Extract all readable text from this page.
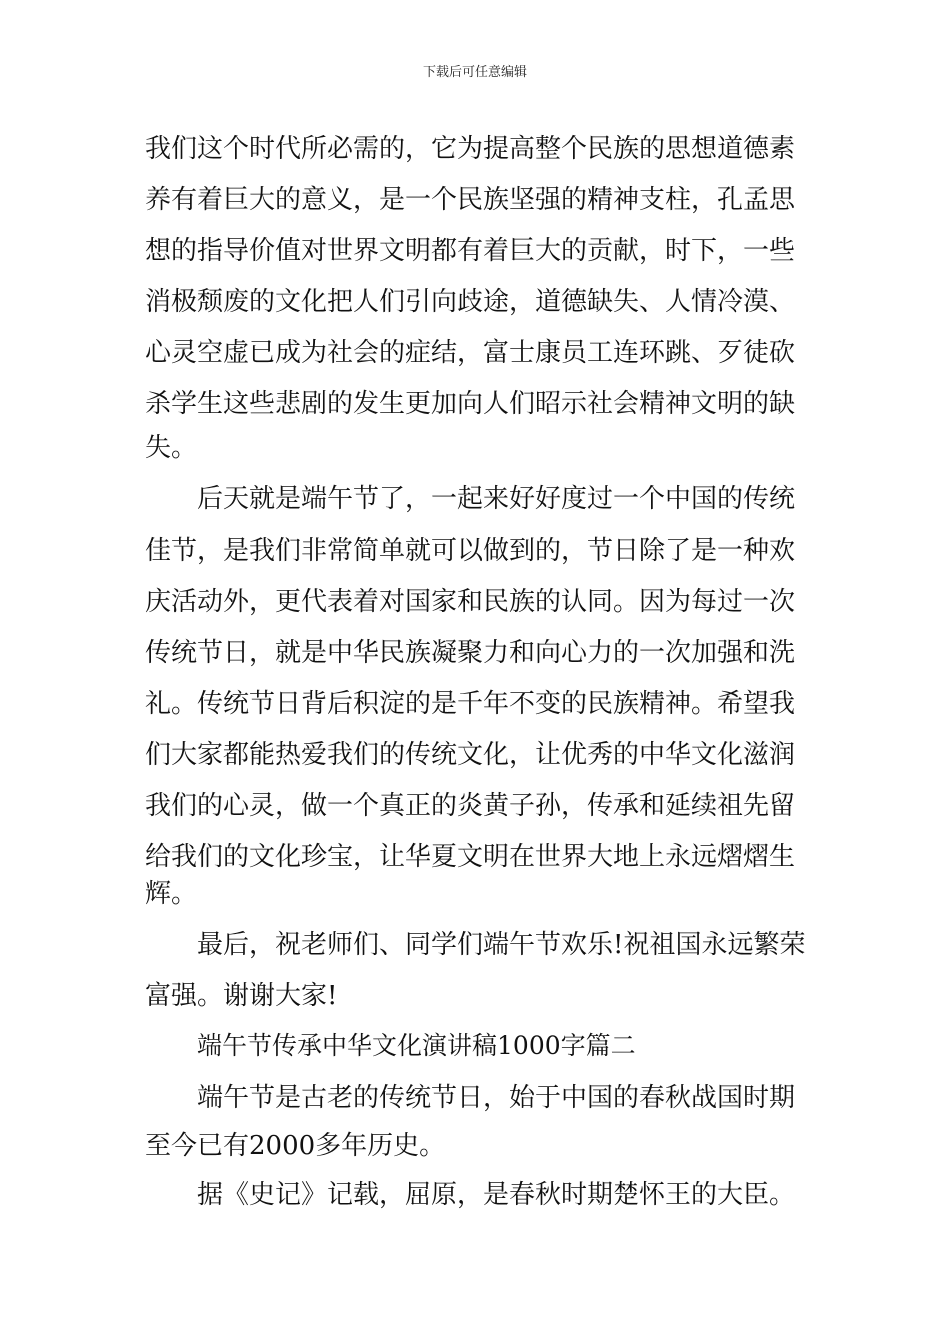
下载后可任意编辑
我们这个时代所必需的，它为提高整个民族的思想道德素
养有着巨大的意义，是一个民族坚强的精神支柱，孔孟思
想的指导价值对世界文明都有着巨大的贡献，时下，一些
消极颓废的文化把人们引向歧途，道德缺失、人情冷漠、
心灵空虚已成为社会的症结，富士康员工连环跳、歹徒砍
杀学生这些悲剧的发生更加向人们昭示社会精神文明的缺
失。
后天就是端午节了，一起来好好度过一个中国的传统
佳节，是我们非常简单就可以做到的，节日除了是一种欢
庆活动外，更代表着对国家和民族的认同。因为每过一次
传统节日，就是中华民族凝聚力和向心力的一次加强和洗
礼。传统节日背后积淀的是千年不变的民族精神。希望我
们大家都能热爱我们的传统文化，让优秀的中华文化滋润
我们的心灵，做一个真正的炎黄子孙，传承和延续祖先留
给我们的文化珍宝，让华夏文明在世界大地上永远熠熠生
辉。
最后，祝老师们、同学们端午节欢乐!祝祖国永远繁荣
富强。谢谢大家!
端午节传承中华文化演讲稿1000字篇二
端午节是古老的传统节日，始于中国的春秋战国时期
至今已有2000多年历史。
据《史记》记载，屈原，是春秋时期楚怀王的大臣。
